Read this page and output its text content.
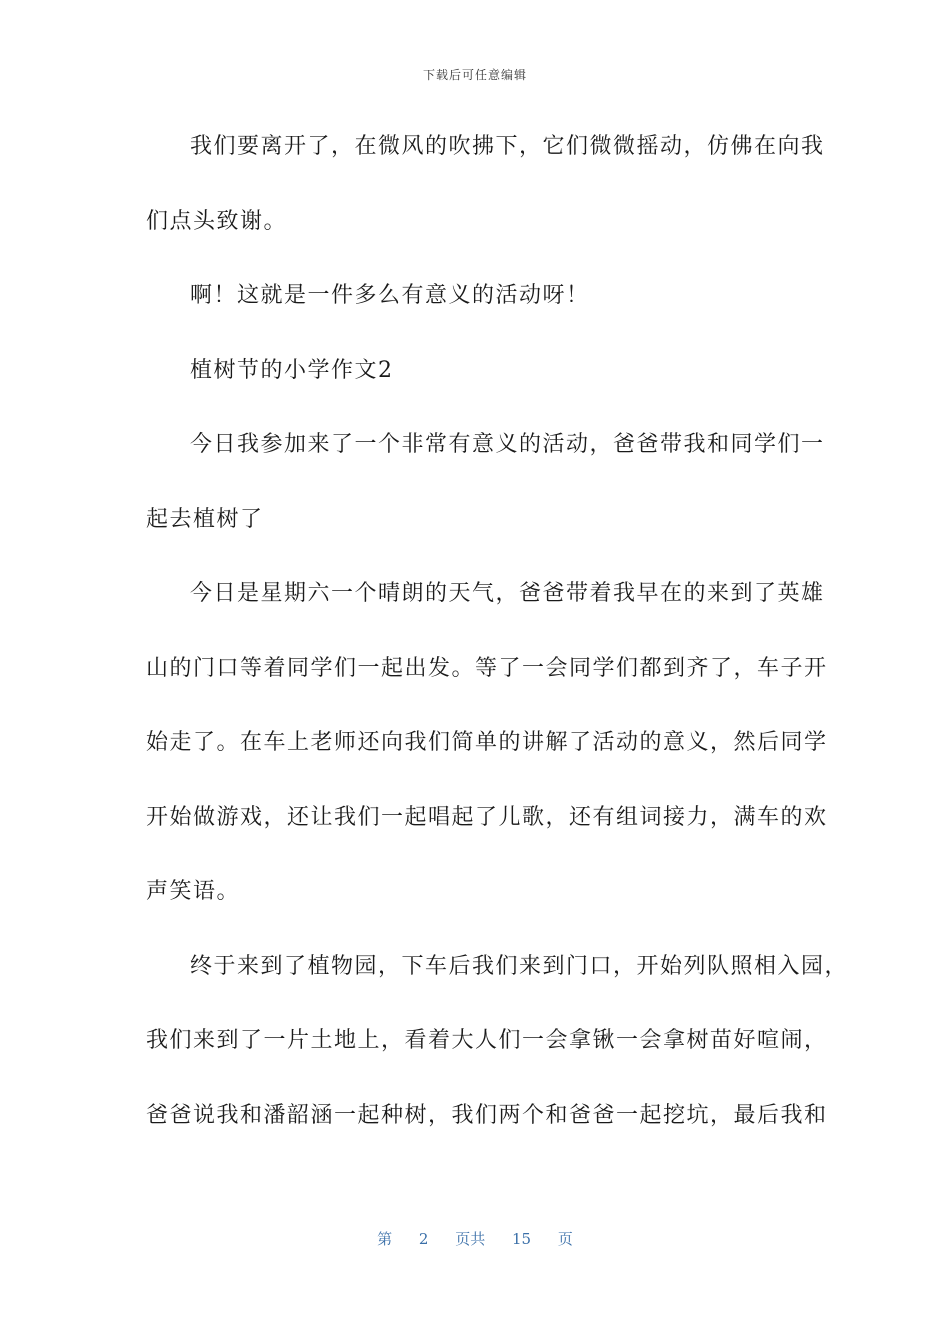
下载后可任意编辑
我们要离开了，在微风的吹拂下，它们微微摇动，仿佛在向我
们点头致谢。
啊！这就是一件多么有意义的活动呀！
植树节的小学作文2
今日我参加来了一个非常有意义的活动，爸爸带我和同学们一
起去植树了
今日是星期六一个晴朗的天气，爸爸带着我早在的来到了英雄
山的门口等着同学们一起出发。等了一会同学们都到齐了，车子开
始走了。在车上老师还向我们简单的讲解了活动的意义，然后同学
开始做游戏，还让我们一起唱起了儿歌，还有组词接力，满车的欢
声笑语。
终于来到了植物园，下车后我们来到门口，开始列队照相入园，
我们来到了一片土地上，看着大人们一会拿锹一会拿树苗好喧闹，
爸爸说我和潘韶涵一起种树，我们两个和爸爸一起挖坑，最后我和
第 2 页共 15 页
